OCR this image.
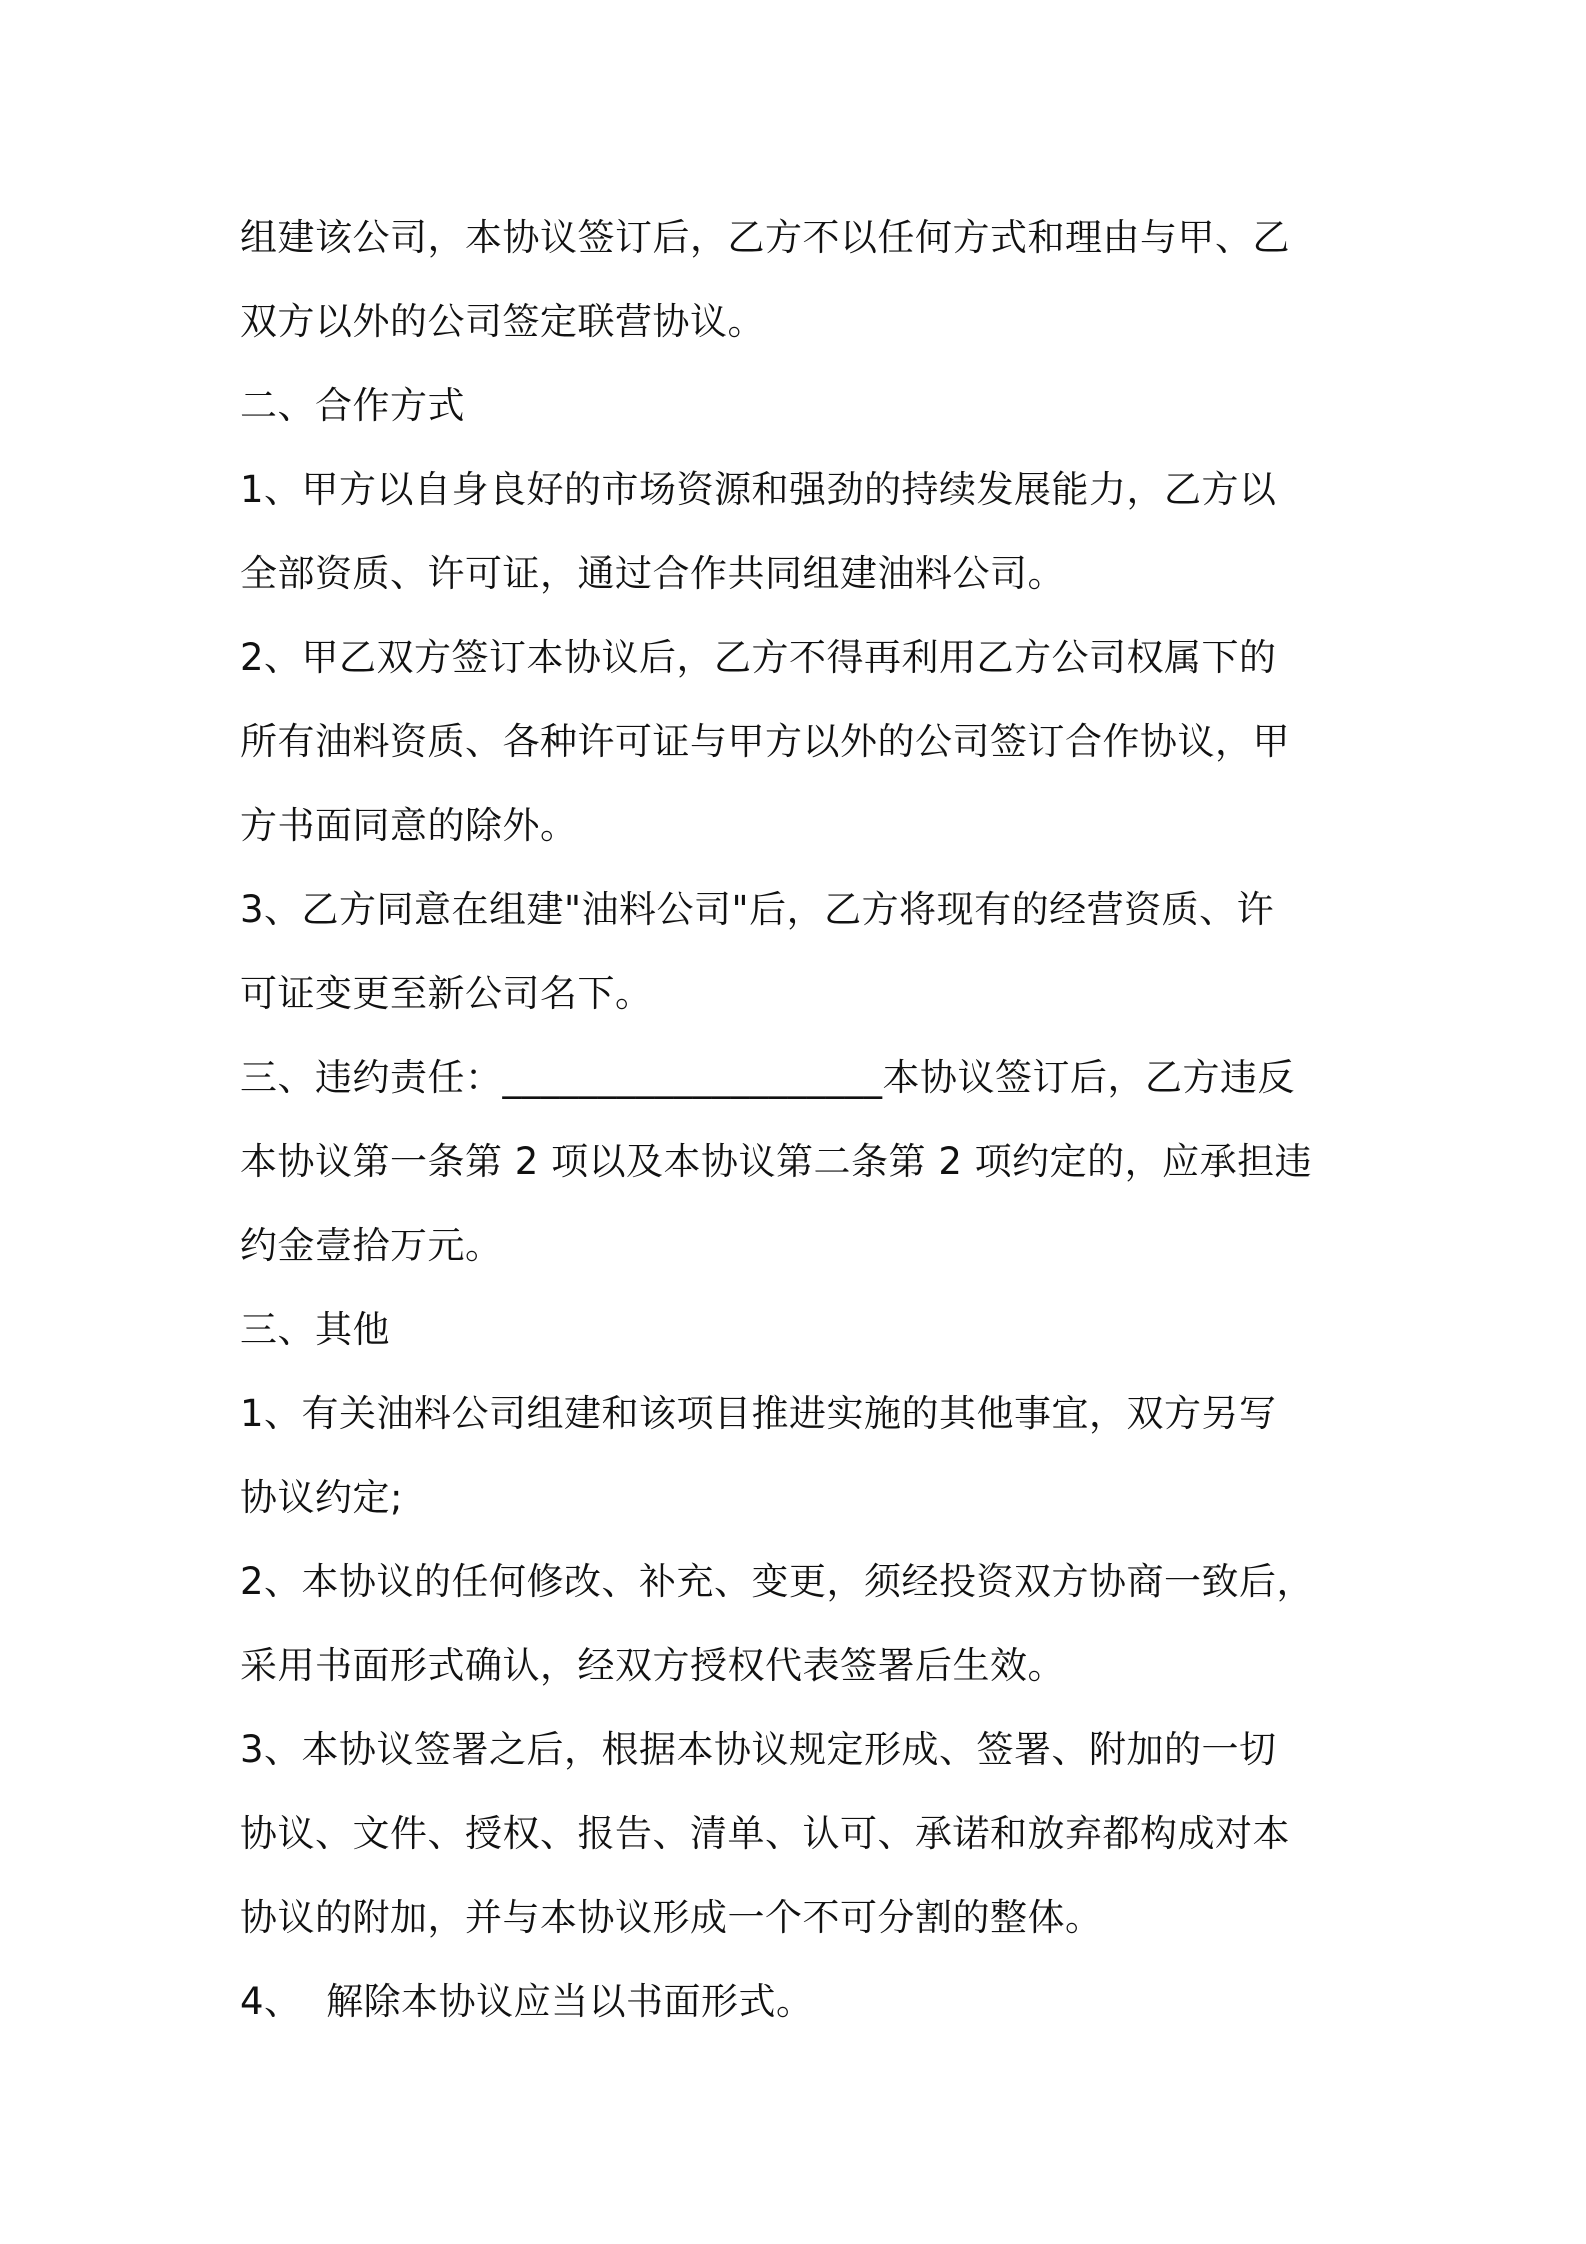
组建该公司，本协议签订后，乙方不以任何方式和理由与甲、乙
双方以外的公司签定联营协议。
二、合作方式
1、甲方以自身良好的市场资源和强劲的持续发展能力，乙方以
全部资质、许可证，通过合作共同组建油料公司。
2、甲乙双方签订本协议后，乙方不得再利用乙方公司权属下的
所有油料资质、各种许可证与甲方以外的公司签订合作协议，甲
方书面同意的除外。
3、乙方同意在组建"油料公司"后，乙方将现有的经营资质、许
可证变更至新公司名下。
三、违约责任：____________________本协议签订后，乙方违反
本协议第一条第 2 项以及本协议第二条第 2 项约定的，应承担违
约金壹拾万元。
三、其他
1、有关油料公司组建和该项目推进实施的其他事宜，双方另写
协议约定;
2、本协议的任何修改、补充、变更，须经投资双方协商一致后，
采用书面形式确认，经双方授权代表签署后生效。
3、本协议签署之后，根据本协议规定形成、签署、附加的一切
协议、文件、授权、报告、清单、认可、承诺和放弃都构成对本
协议的附加，并与本协议形成一个不可分割的整体。
4、  解除本协议应当以书面形式。
